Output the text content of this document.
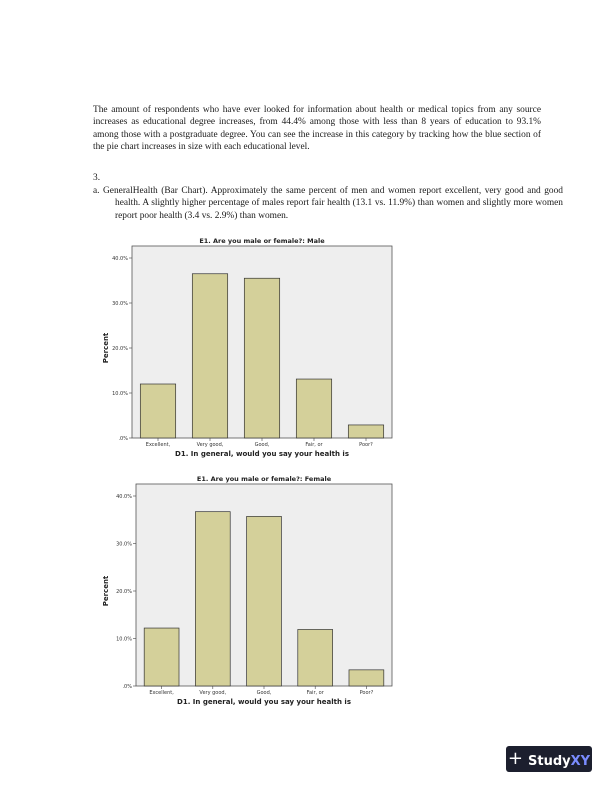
The amount of respondents who have ever looked for information about health or medical topics from any source increases as educational degree increases, from 44.4% among those with less than 8 years of education to 93.1% among those with a postgraduate degree. You can see the increase in this category by tracking how the blue section of the pie chart increases in size with each educational level.

3.

a. GeneralHealth (Bar Chart). Approximately the same percent of men and women report excellent, very good and good health. A slightly higher percentage of males report fair health (13.1 vs. 11.9%) than women and slightly more women report poor health (3.4 vs. 2.9%) than women.

E1. Are you male or female?: Male
.0%
10.0%
20.0%
30.0%
40.0%
Excellent,	Very good,	Good,	Fair, or	Poor?
D1. In general, would you say your health is
Percent
E1. Are you male or female?: Female
.0%
10.0%
20.0%
30.0%
40.0%
Excellent,	Very good,	Good,	Fair, or	Poor?
D1. In general, would you say your health is
Percent
+ StudyXY
